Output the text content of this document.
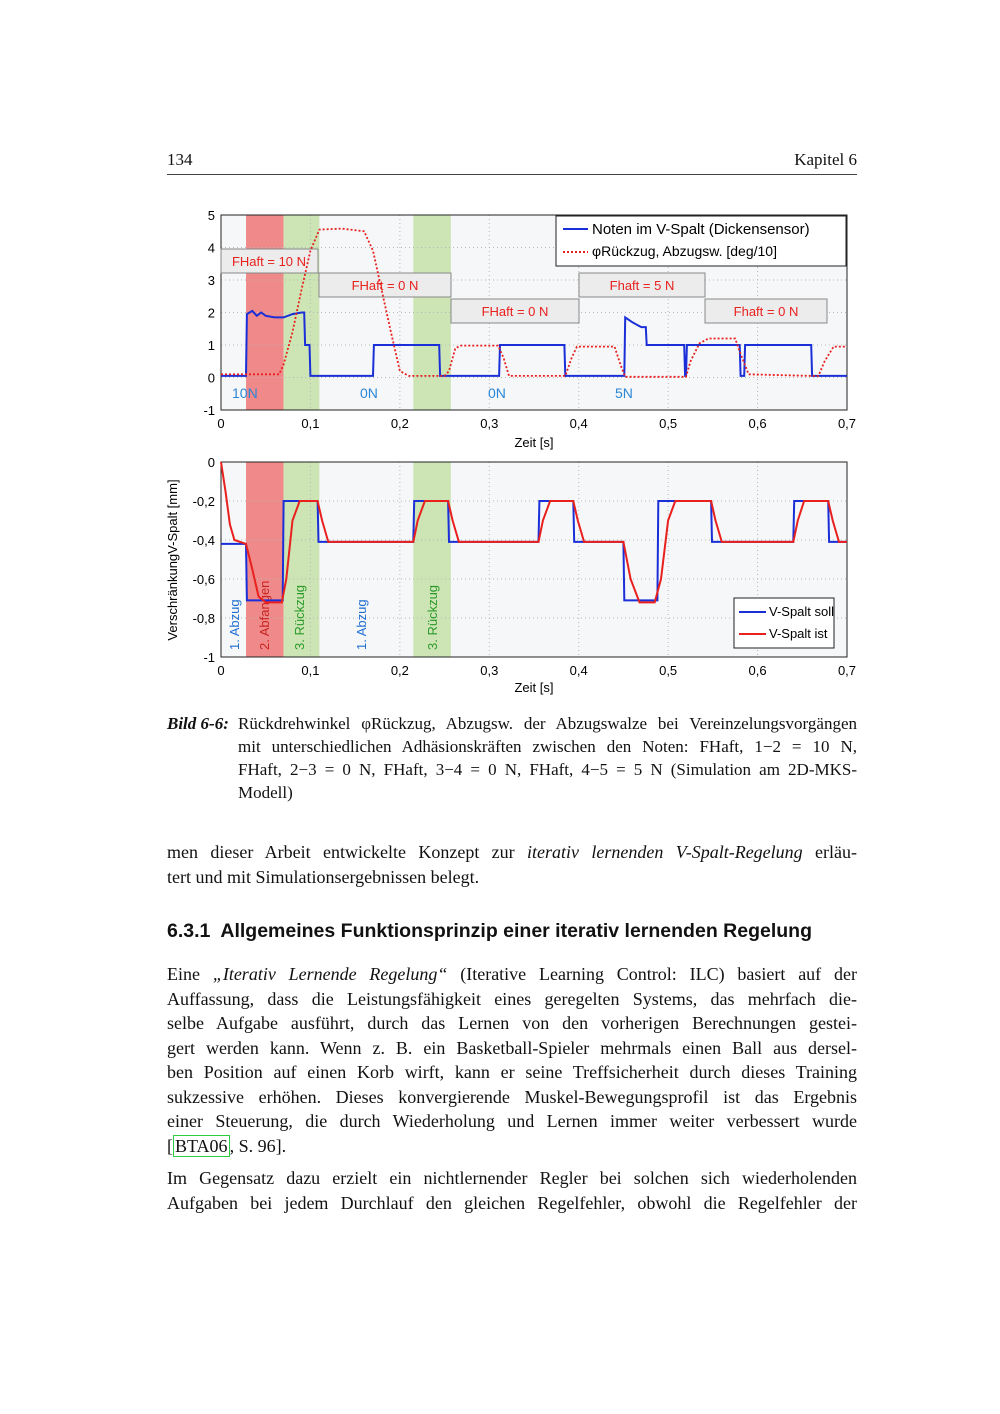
134	Kapitel 6
0	0,1	0,2	0,3	0,4	0,5	0,6	0,7
5
4
3
2
1
0
-1
Zeit [s]
FHaft = 10 N
FHaft = 0 N
FHaft = 0 N
Fhaft = 5 N
Fhaft = 0 N
10N	0N	0N	5N
Noten im V-Spalt (Dickensensor)
φRückzug, Abzugsw. [deg/10]
0	0,1	0,2	0,3	0,4	0,5	0,6	0,7
0
-0,2
-0,4
-0,6
-0,8
-1
Zeit [s]
VerschränkungV-Spalt [mm]	1. Abzug 2. Abfangen 3. Rückzug	1. Abzug	3. Rückzug	V-Spalt soll
V-Spalt ist
Bild 6-6: Rückdrehwinkel φRückzug, Abzugsw. der Abzugswalze bei Vereinzelungsvorgängen
mit unterschiedlichen Adhäsionskräften zwischen den Noten: FHaft, 1−2 = 10 N,
FHaft, 2−3 = 0 N, FHaft, 3−4 = 0 N, FHaft, 4−5 = 5 N (Simulation am 2D-MKS-
Modell)
men dieser Arbeit entwickelte Konzept zur iterativ lernenden V-Spalt-Regelung erläu-
tert und mit Simulationsergebnissen belegt.
6.3.1 Allgemeines Funktionsprinzip einer iterativ lernenden Regelung
Eine „Iterativ Lernende Regelung“ (Iterative Learning Control: ILC) basiert auf der
Auffassung, dass die Leistungsfähigkeit eines geregelten Systems, das mehrfach die-
selbe Aufgabe ausführt, durch das Lernen von den vorherigen Berechnungen gestei-
gert werden kann. Wenn z. B. ein Basketball-Spieler mehrmals einen Ball aus dersel-
ben Position auf einen Korb wirft, kann er seine Treffsicherheit durch dieses Training
sukzessive erhöhen. Dieses konvergierende Muskel-Bewegungsprofil ist das Ergebnis
einer Steuerung, die durch Wiederholung und Lernen immer weiter verbessert wurde
[ BTA06 , S. 96].
Im Gegensatz dazu erzielt ein nichtlernender Regler bei solchen sich wiederholenden
Aufgaben bei jedem Durchlauf den gleichen Regelfehler, obwohl die Regelfehler der
